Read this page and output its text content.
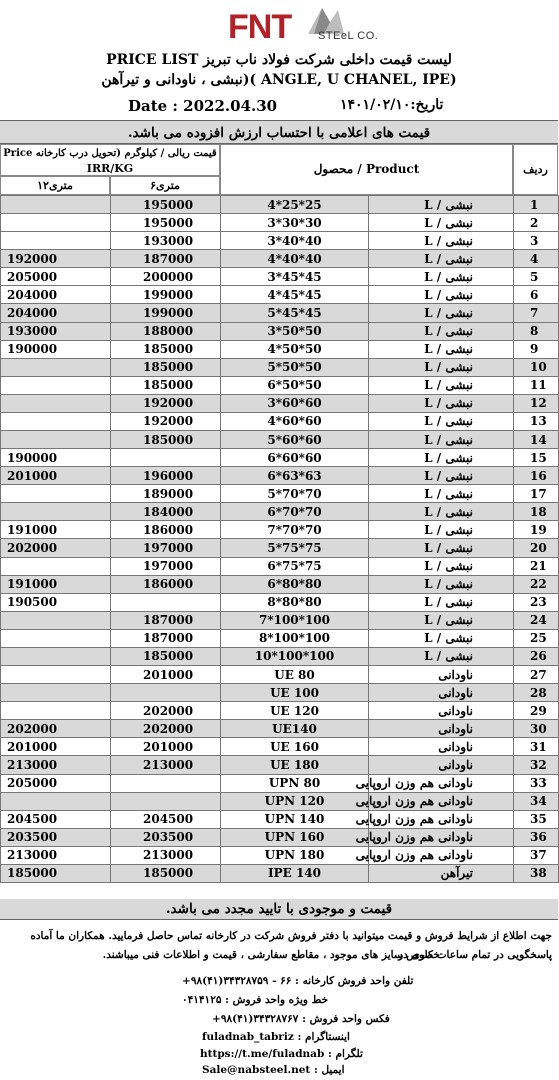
FNT STEeL CO.
لیست قیمت داخلی شرکت فولاد ناب تبریز PRICE LIST
(ANGLE, U CHANEL, IPE )(نبشی ، ناودانی و تیرآهن
Date : 2022.04.30	تاریخ:۱۴۰۱/۰۲/۱۰
قیمت های اعلامی با احتساب ارزش افزوده می باشد.
قیمت ریالی / کیلوگرم (تحویل درب کارخانه Price
IRR/KG
۱۲متری	۶متری
Product / محصول	ردیف
	195000	25*25*4	نبشی / L	1
	195000	30*30*3	نبشی / L	2
	193000	40*40*3	نبشی / L	3
192000	187000	40*40*4	نبشی / L	4
205000	200000	45*45*3	نبشی / L	5
204000	199000	45*45*4	نبشی / L	6
204000	199000	45*45*5	نبشی / L	7
193000	188000	50*50*3	نبشی / L	8
190000	185000	50*50*4	نبشی / L	9
	185000	50*50*5	نبشی / L	10
	185000	50*50*6	نبشی / L	11
	192000	60*60*3	نبشی / L	12
	192000	60*60*4	نبشی / L	13
	185000	60*60*5	نبشی / L	14
190000		60*60*6	نبشی / L	15
201000	196000	63*63*6	نبشی / L	16
	189000	70*70*5	نبشی / L	17
	184000	70*70*6	نبشی / L	18
191000	186000	70*70*7	نبشی / L	19
202000	197000	75*75*5	نبشی / L	20
	197000	75*75*6	نبشی / L	21
191000	186000	80*80*6	نبشی / L	22
190500		80*80*8	نبشی / L	23
	187000	100*100*7	نبشی / L	24
	187000	100*100*8	نبشی / L	25
	185000	100*100*10	نبشی / L	26
	201000	UE 80	ناودانی	27
		UE 100	ناودانی	28
	202000	UE 120	ناودانی	29
202000	202000	UE140	ناودانی	30
201000	201000	UE 160	ناودانی	31
213000	213000	UE 180	ناودانی	32
205000		UPN 80	ناودانی هم وزن اروپایی	33
		UPN 120	ناودانی هم وزن اروپایی	34
204500	204500	UPN 140	ناودانی هم وزن اروپایی	35
203500	203500	UPN 160	ناودانی هم وزن اروپایی	36
213000	213000	UPN 180	ناودانی هم وزن اروپایی	37
185000	185000	IPE 140	تیرآهن	38
قیمت و موجودی با تایید مجدد می باشد.
جهت اطلاع از شرایط فروش و قیمت میتوانید با دفتر فروش شرکت در کارخانه تماس حاصل فرمایید. همکاران ما آماده پاسخگویی در تمام ساعات کاری در
خصوص سایز های موجود ، مقاطع سفارشی ، قیمت و اطلاعات فنی میباشند.
تلفن واحد فروش کارخانه : ۶۶ - ۳۴۳۲۸۷۵۹(۴۱)۹۸+
خط ویژه واحد فروش : ۰۴۱۴۱۲۵
فکس واحد فروش : ۳۴۳۲۸۷۶۷(۴۱)۹۸+
اینستاگرام : fuladnab_tabriz
تلگرام : https://t.me/fuladnab
ایمیل : Sale@nabsteel.net
